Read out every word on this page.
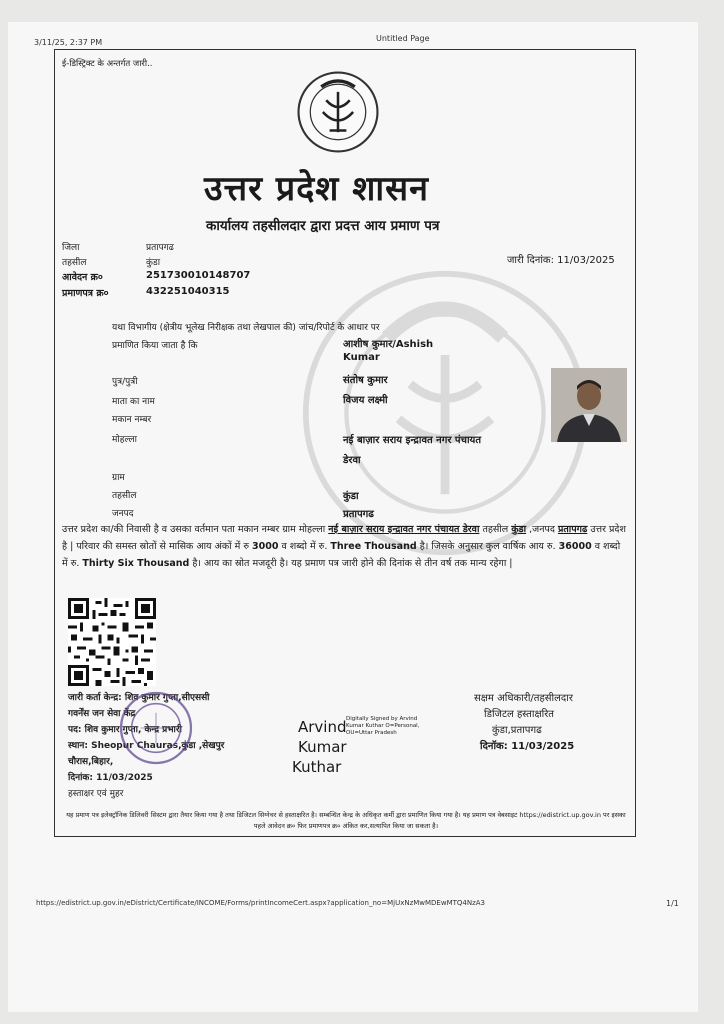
3/11/25, 2:37 PM	Untitled Page
https://edistrict.up.gov.in/eDistrict/Certificate/INCOME/Forms/printIncomeCert.aspx?application_no=MjUxNzMwMDEwMTQ4NzA3	1/1
ई-डिस्ट्रिक्ट के अन्तर्गत जारी..
उत्तर प्रदेश शासन
कार्यालय तहसीलदार द्वारा प्रदत्त आय प्रमाण पत्र
जिला	प्रतापगढ
तहसील	कुंडा
आवेदन क्र०	251730010148707
प्रमाणपत्र क्र०	432251040315
जारी दिनांक: 11/03/2025
यथा विभागीय (क्षेत्रीय भूलेख निरीक्षक तथा लेखपाल की) जांच/रिपोर्ट के आधार पर
प्रमाणित किया जाता है कि	आशीष कुमार/Ashish
Kumar
पुत्र/पुत्री	संतोष कुमार
माता का नाम	विजय लक्ष्मी
मकान नम्बर
मोहल्ला	नई बाज़ार सराय इन्द्रावत नगर पंचायत
डेरवा
ग्राम
तहसील	कुंडा
जनपद	प्रतापगढ
उत्तर प्रदेश का/की निवासी है व उसका वर्तमान पता मकान नम्बर ग्राम मोहल्ला नई बाज़ार सराय इन्द्रावत नगर पंचायत डेरवा तहसील कुंडा ,जनपद प्रतापगढ उत्तर प्रदेश है | परिवार की समस्त स्रोतों से मासिक आय अंकों में रु 3000 व शब्दो में रु. Three Thousand है। जिसके अनुसार कुल वार्षिक आय रु. 36000 व शब्दो में रु. Thirty Six Thousand है। आय का स्रोत मजदूरी है। यह प्रमाण पत्र जारी होने की दिनांक से तीन वर्ष तक मान्य रहेगा |
जारी कर्ता केन्द्र: शिव कुमार गुप्ता,सीएससी
गवर्नेंस जन सेवा केंद्र
पद: शिव कुमार गुप्ता, केन्द्र प्रभारी
स्थान: Sheopur Chauras,कुंडा ,सेखपुर
चौरास,बिहार,
दिनांक: 11/03/2025
हस्ताक्षर एवं मुहर
Arvind
Kumar
Kuthar
Digitally Signed by Arvind
Kumar Kuthar O=Personal,
OU=Uttar Pradesh
सक्षम अधिकारी/तहसीलदार
डिजिटल हस्ताक्षरित
कुंडा,प्रतापगढ
दिनॉक: 11/03/2025
यह प्रमाण पत्र इलेक्ट्रॉनिक डिलिवरी सिस्टम द्वारा तैयार किया गया है तथा डिजिटल सिग्नेचर से हस्ताक्षरित है। सम्बन्धित केन्द्र के अधिकृत कर्मी द्वारा प्रमाणित किया गया है। यह प्रमाण पत्र वेबसाइट https://edistrict.up.gov.in पर इसका पहले आवेदन क्र० फिर प्रमाणपत्र क्र० अंकित कर,सत्यापित किया जा सकता है।
